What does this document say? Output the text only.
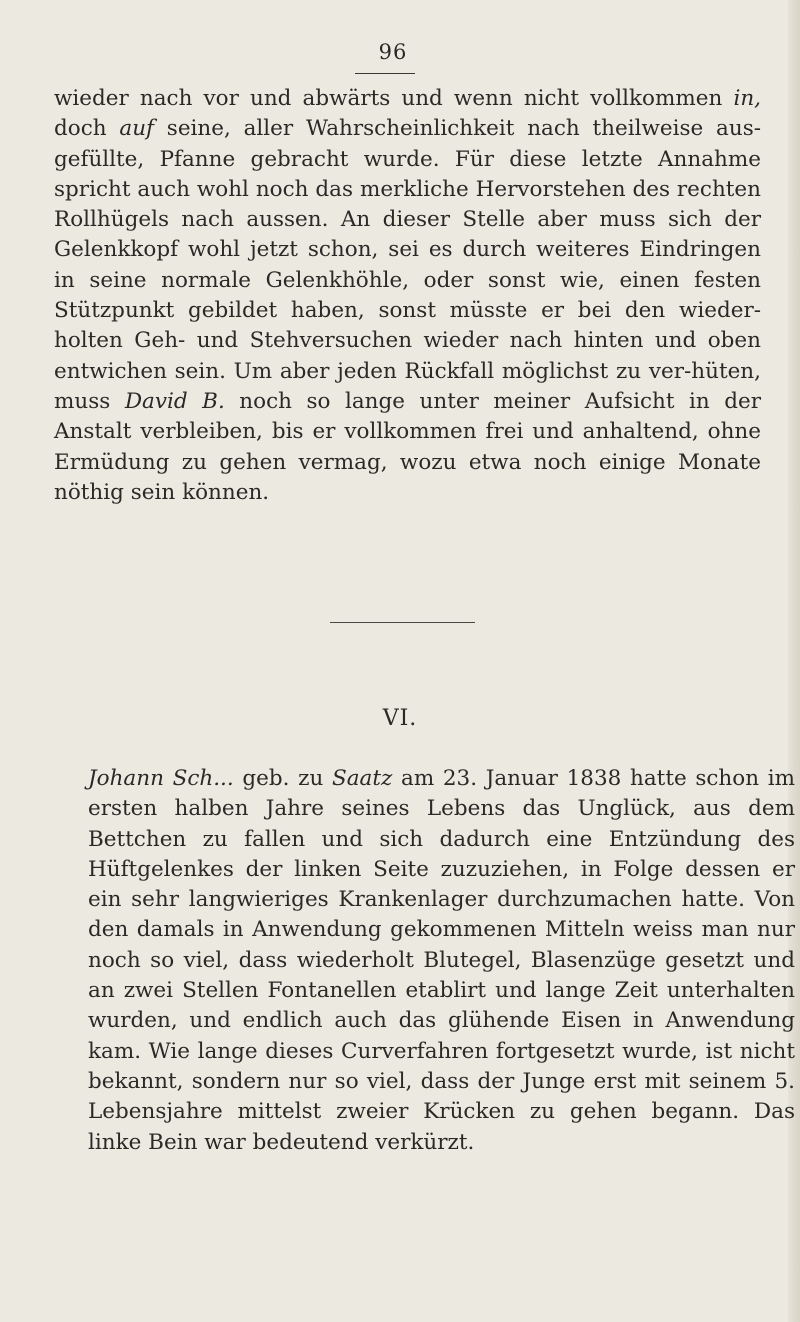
96

wieder nach vor und abwärts und wenn nicht vollkommen in, doch auf seine, aller Wahrscheinlichkeit nach theilweise aus-gefüllte, Pfanne gebracht wurde. Für diese letzte Annahme spricht auch wohl noch das merkliche Hervorstehen des rechten Rollhügels nach aussen. An dieser Stelle aber muss sich der Gelenkkopf wohl jetzt schon, sei es durch weiteres Eindringen in seine normale Gelenkhöhle, oder sonst wie, einen festen Stützpunkt gebildet haben, sonst müsste er bei den wieder-holten Geh- und Stehversuchen wieder nach hinten und oben entwichen sein. Um aber jeden Rückfall möglichst zu ver-hüten, muss David B. noch so lange unter meiner Aufsicht in der Anstalt verbleiben, bis er vollkommen frei und anhaltend, ohne Ermüdung zu gehen vermag, wozu etwa noch einige Monate nöthig sein können.

VI.

Johann Sch... geb. zu Saatz am 23. Januar 1838 hatte schon im ersten halben Jahre seines Lebens das Unglück, aus dem Bettchen zu fallen und sich dadurch eine Entzündung des Hüftgelenkes der linken Seite zuzuziehen, in Folge dessen er ein sehr langwieriges Krankenlager durchzumachen hatte. Von den damals in Anwendung gekommenen Mitteln weiss man nur noch so viel, dass wiederholt Blutegel, Blasenzüge gesetzt und an zwei Stellen Fontanellen etablirt und lange Zeit unterhalten wurden, und endlich auch das glühende Eisen in Anwendung kam. Wie lange dieses Curverfahren fortgesetzt wurde, ist nicht bekannt, sondern nur so viel, dass der Junge erst mit seinem 5. Lebensjahre mittelst zweier Krücken zu gehen begann. Das linke Bein war bedeutend verkürzt.
